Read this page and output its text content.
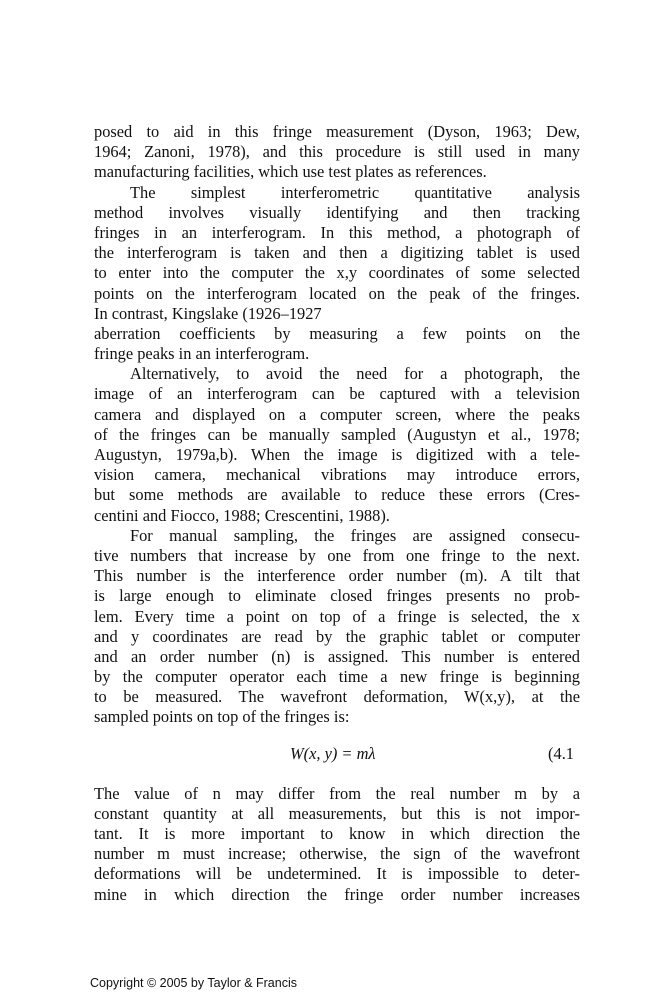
posed to aid in this fringe measurement (Dyson, 1963; Dew,
1964; Zanoni, 1978), and this procedure is still used in many
manufacturing facilities, which use test plates as references.
The simplest interferometric quantitative analysis
method involves visually identifying and then tracking
fringes in an interferogram. In this method, a photograph of
the interferogram is taken and then a digitizing tablet is used
to enter into the computer the x,y coordinates of some selected
points on the interferogram located on the peak of the fringes.
In contrast, Kingslake (1926–1927
aberration coefficients by measuring a few points on the
fringe peaks in an interferogram.
Alternatively, to avoid the need for a photograph, the
image of an interferogram can be captured with a television
camera and displayed on a computer screen, where the peaks
of the fringes can be manually sampled (Augustyn et al., 1978;
Augustyn, 1979a,b). When the image is digitized with a tele-
vision camera, mechanical vibrations may introduce errors,
but some methods are available to reduce these errors (Cres-
centini and Fiocco, 1988; Crescentini, 1988).
For manual sampling, the fringes are assigned consecu-
tive numbers that increase by one from one fringe to the next.
This number is the interference order number (m). A tilt that
is large enough to eliminate closed fringes presents no prob-
lem. Every time a point on top of a fringe is selected, the x
and y coordinates are read by the graphic tablet or computer
and an order number (n) is assigned. This number is entered
by the computer operator each time a new fringe is beginning
to be measured. The wavefront deformation, W(x,y), at the
sampled points on top of the fringes is:
W(x, y) = mλ	(4.1
The value of n may differ from the real number m by a
constant quantity at all measurements, but this is not impor-
tant. It is more important to know in which direction the
number m must increase; otherwise, the sign of the wavefront
deformations will be undetermined. It is impossible to deter-
mine in which direction the fringe order number increases
Copyright © 2005 by Taylor & Francis
